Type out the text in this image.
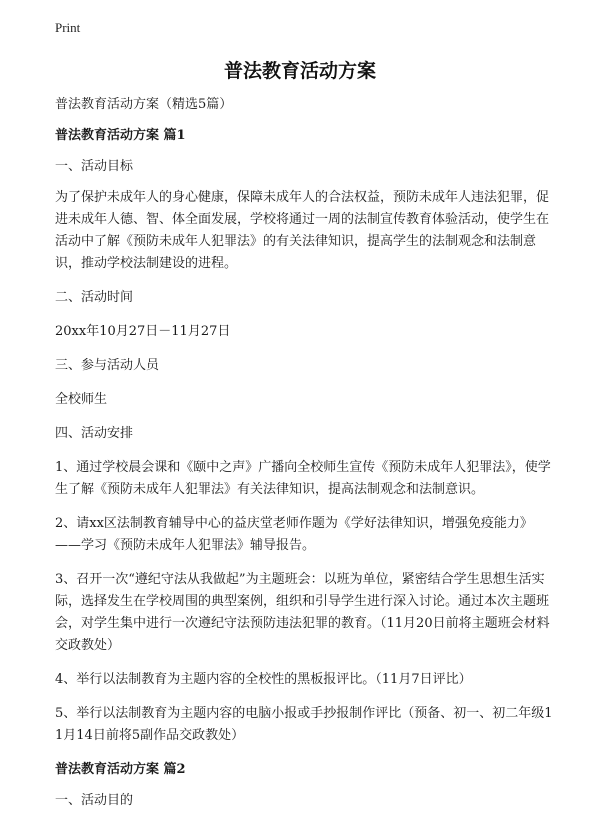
Print
普法教育活动方案

普法教育活动方案（精选5篇）

普法教育活动方案 篇1

一、活动目标

为了保护未成年人的身心健康，保障未成年人的合法权益，预防未成年人违法犯罪，促进未成年人德、智、体全面发展，学校将通过一周的法制宣传教育体验活动，使学生在活动中了解《预防未成年人犯罪法》的有关法律知识，提高学生的法制观念和法制意识，推动学校法制建设的进程。

二、活动时间

20xx年10月27日－11月27日

三、参与活动人员

全校师生

四、活动安排

1、通过学校晨会课和《颐中之声》广播向全校师生宣传《预防未成年人犯罪法》，使学生了解《预防未成年人犯罪法》有关法律知识，提高法制观念和法制意识。

2、请xx区法制教育辅导中心的益庆堂老师作题为《学好法律知识，增强免疫能力》——学习《预防未成年人犯罪法》辅导报告。

3、召开一次“遵纪守法从我做起”为主题班会：以班为单位，紧密结合学生思想生活实际，选择发生在学校周围的典型案例，组织和引导学生进行深入讨论。通过本次主题班会，对学生集中进行一次遵纪守法预防违法犯罪的教育。（11月20日前将主题班会材料交政教处）

4、举行以法制教育为主题内容的全校性的黑板报评比。（11月7日评比）

5、举行以法制教育为主题内容的电脑小报或手抄报制作评比（预备、初一、初二年级11月14日前将5副作品交政教处）

普法教育活动方案 篇2

一、活动目的
